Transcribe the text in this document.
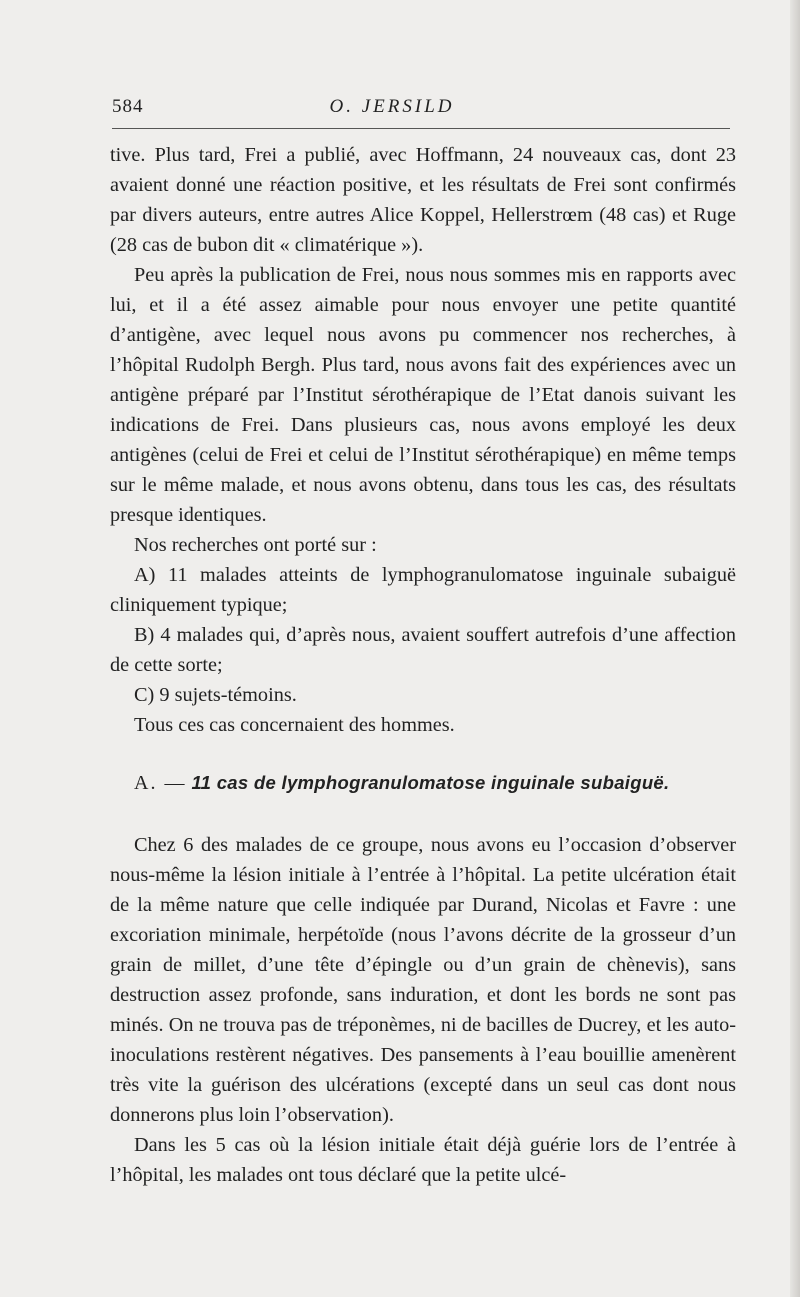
584	O. JERSILD

tive. Plus tard, Frei a publié, avec Hoffmann, 24 nouveaux cas, dont 23 avaient donné une réaction positive, et les résultats de Frei sont confirmés par divers auteurs, entre autres Alice Koppel, Hellerstrœm (48 cas) et Ruge (28 cas de bubon dit « climatérique »).

Peu après la publication de Frei, nous nous sommes mis en rapports avec lui, et il a été assez aimable pour nous envoyer une petite quantité d’antigène, avec lequel nous avons pu commencer nos recherches, à l’hôpital Rudolph Bergh. Plus tard, nous avons fait des expériences avec un antigène préparé par l’Institut sérothérapique de l’Etat danois suivant les indications de Frei. Dans plusieurs cas, nous avons employé les deux antigènes (celui de Frei et celui de l’Institut sérothérapique) en même temps sur le même malade, et nous avons obtenu, dans tous les cas, des résultats presque identiques.

Nos recherches ont porté sur :

A) 11 malades atteints de lymphogranulomatose inguinale subaiguë cliniquement typique;

B) 4 malades qui, d’après nous, avaient souffert autrefois d’une affection de cette sorte;

C) 9 sujets-témoins.

Tous ces cas concernaient des hommes.

A. — 11 cas de lymphogranulomatose inguinale subaiguë.

Chez 6 des malades de ce groupe, nous avons eu l’occasion d’observer nous-même la lésion initiale à l’entrée à l’hôpital. La petite ulcération était de la même nature que celle indiquée par Durand, Nicolas et Favre : une excoriation minimale, herpétoïde (nous l’avons décrite de la grosseur d’un grain de millet, d’une tête d’épingle ou d’un grain de chènevis), sans destruction assez profonde, sans induration, et dont les bords ne sont pas minés. On ne trouva pas de tréponèmes, ni de bacilles de Ducrey, et les auto-inoculations restèrent négatives. Des pansements à l’eau bouillie amenèrent très vite la guérison des ulcérations (excepté dans un seul cas dont nous donnerons plus loin l’observation).

Dans les 5 cas où la lésion initiale était déjà guérie lors de l’entrée à l’hôpital, les malades ont tous déclaré que la petite ulcé-
